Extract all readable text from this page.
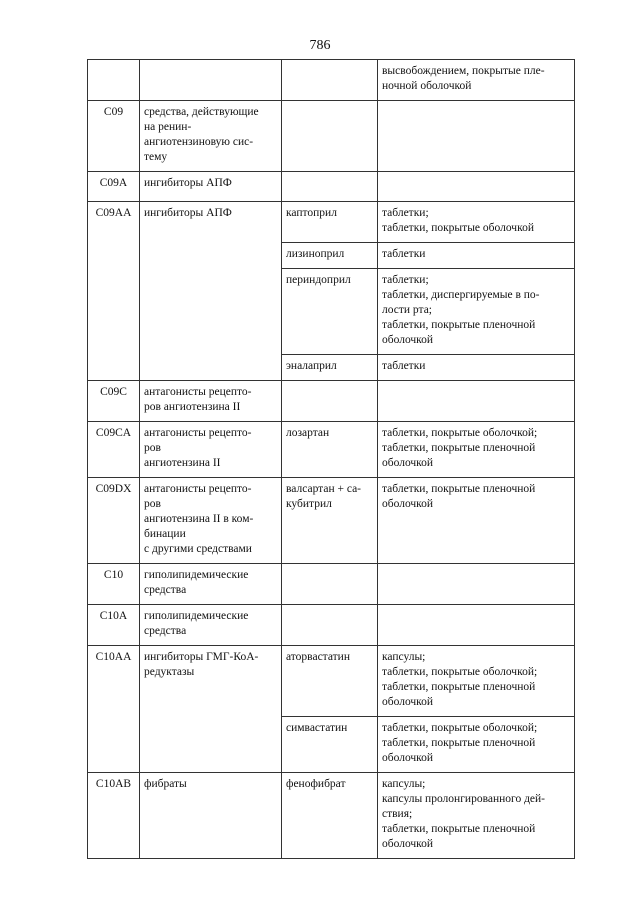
786

			высвобождением, покрытые пле-
ночной оболочкой

C09	средства, действующие
на ренин-
ангиотензиновую сис-
тему		

C09A	ингибиторы АПФ		

C09AA	ингибиторы АПФ	каптоприл	таблетки;
таблетки, покрытые оболочкой

		лизиноприл	таблетки

		периндоприл	таблетки;
таблетки, диспергируемые в по-
лости рта;
таблетки, покрытые пленочной
оболочкой

		эналаприл	таблетки

C09C	антагонисты рецепто-
ров ангиотензина II		

C09CA	антагонисты рецепто-
ров
ангиотензина II	лозартан	таблетки, покрытые оболочкой;
таблетки, покрытые пленочной
оболочкой

C09DX	антагонисты рецепто-
ров
ангиотензина II в ком-
бинации
с другими средствами	валсартан + са-
кубитрил	таблетки, покрытые пленочной
оболочкой

C10	гиполипидемические
средства		

C10A	гиполипидемические
средства		

C10AA	ингибиторы ГМГ-КоА-
редуктазы	аторвастатин	капсулы;
таблетки, покрытые оболочкой;
таблетки, покрытые пленочной
оболочкой

		симвастатин	таблетки, покрытые оболочкой;
таблетки, покрытые пленочной
оболочкой

C10AB	фибраты	фенофибрат	капсулы;
капсулы пролонгированного дей-
ствия;
таблетки, покрытые пленочной
оболочкой
